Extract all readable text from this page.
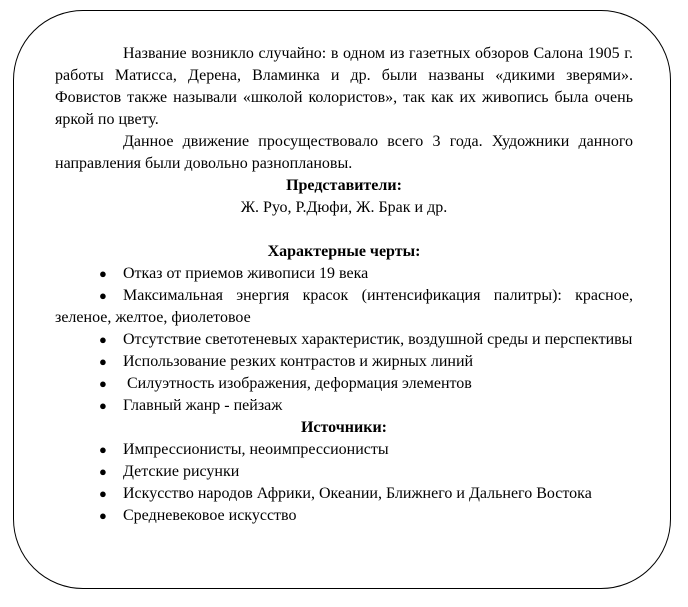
Название возникло случайно: в одном из газетных обзоров Салона 1905 г. работы Матисса, Дерена, Вламинка и др. были названы «дикими зверями». Фовистов также называли «школой колористов», так как их живопись была очень яркой по цвету.

Данное движение просуществовало всего 3 года. Художники данного направления были довольно разноплановы.

Представители:

Ж. Руо, Р.Дюфи, Ж. Брак и др.

Характерные черты:

● Отказ от приемов живописи 19 века
● Максимальная энергия красок (интенсификация палитры): красное, зеленое, желтое, фиолетовое
● Отсутствие светотеневых характеристик, воздушной среды и перспективы
● Использование резких контрастов и жирных линий
● Силуэтность изображения, деформация элементов
● Главный жанр - пейзаж

Источники:

● Импрессионисты, неоимпрессионисты
● Детские рисунки
● Искусство народов Африки, Океании, Ближнего и Дальнего Востока
● Средневековое искусство
